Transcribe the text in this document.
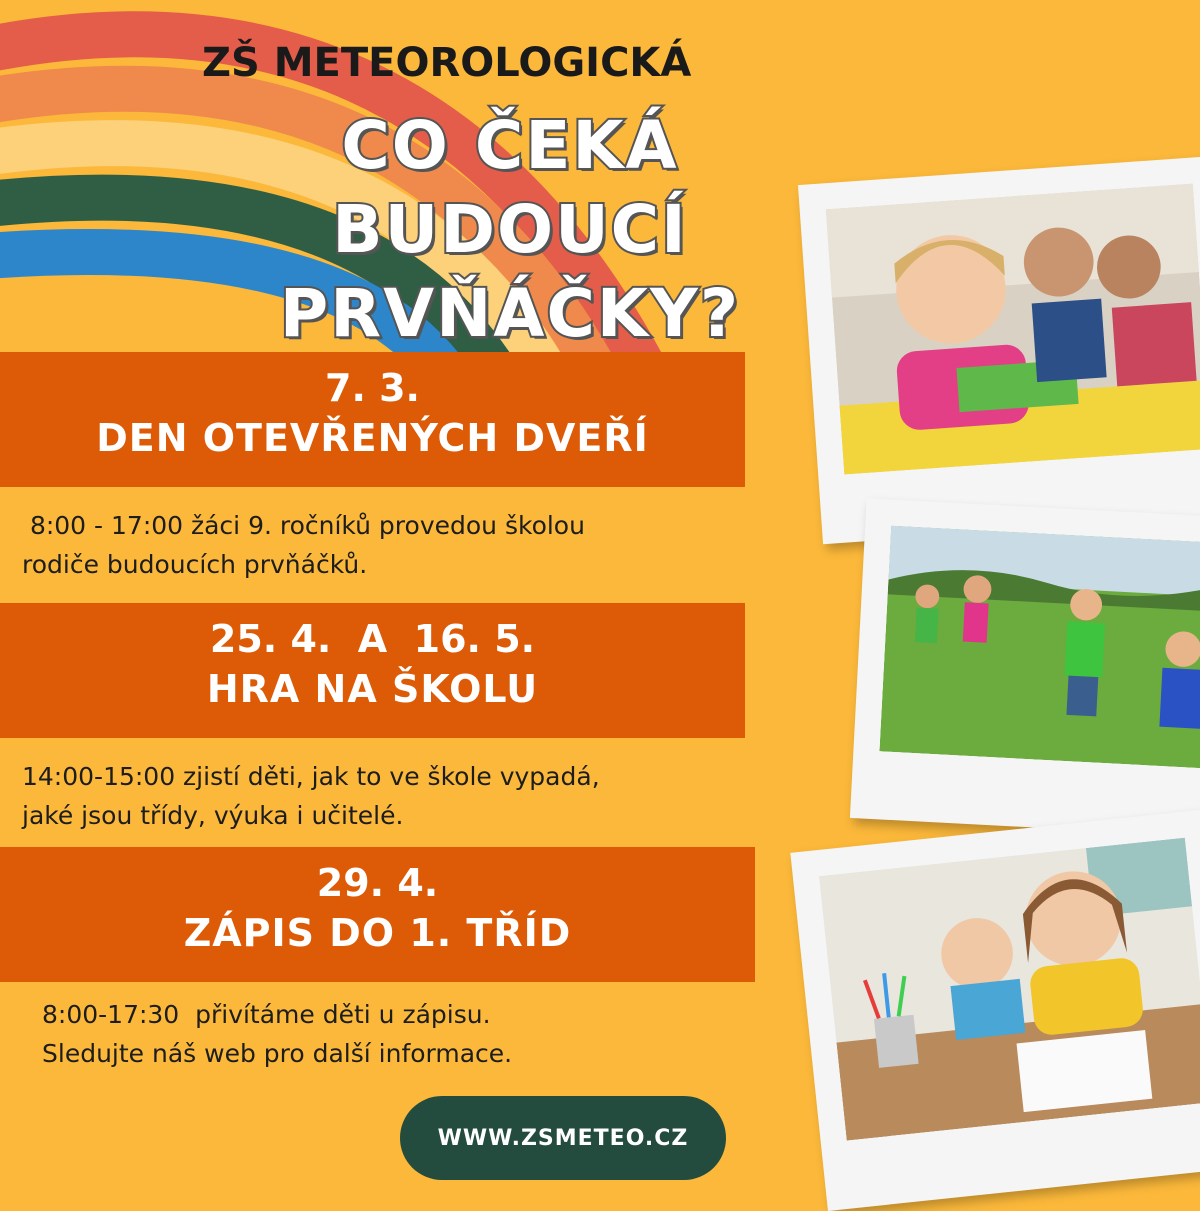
ZŠ METEOROLOGICKÁ
CO ČEKÁ
BUDOUCÍ
PRVŇÁČKY?
7. 3.
DEN OTEVŘENÝCH DVEŘÍ
8:00 - 17:00 žáci 9. ročníků provedou školou
rodiče budoucích prvňáčků.
25. 4.  A  16. 5.
HRA NA ŠKOLU
14:00-15:00 zjistí děti, jak to ve škole vypadá,
jaké jsou třídy, výuka i učitelé.
29. 4.
ZÁPIS DO 1. TŘÍD
8:00-17:30  přivítáme děti u zápisu.
Sledujte náš web pro další informace.
WWW.ZSMETEO.CZ
